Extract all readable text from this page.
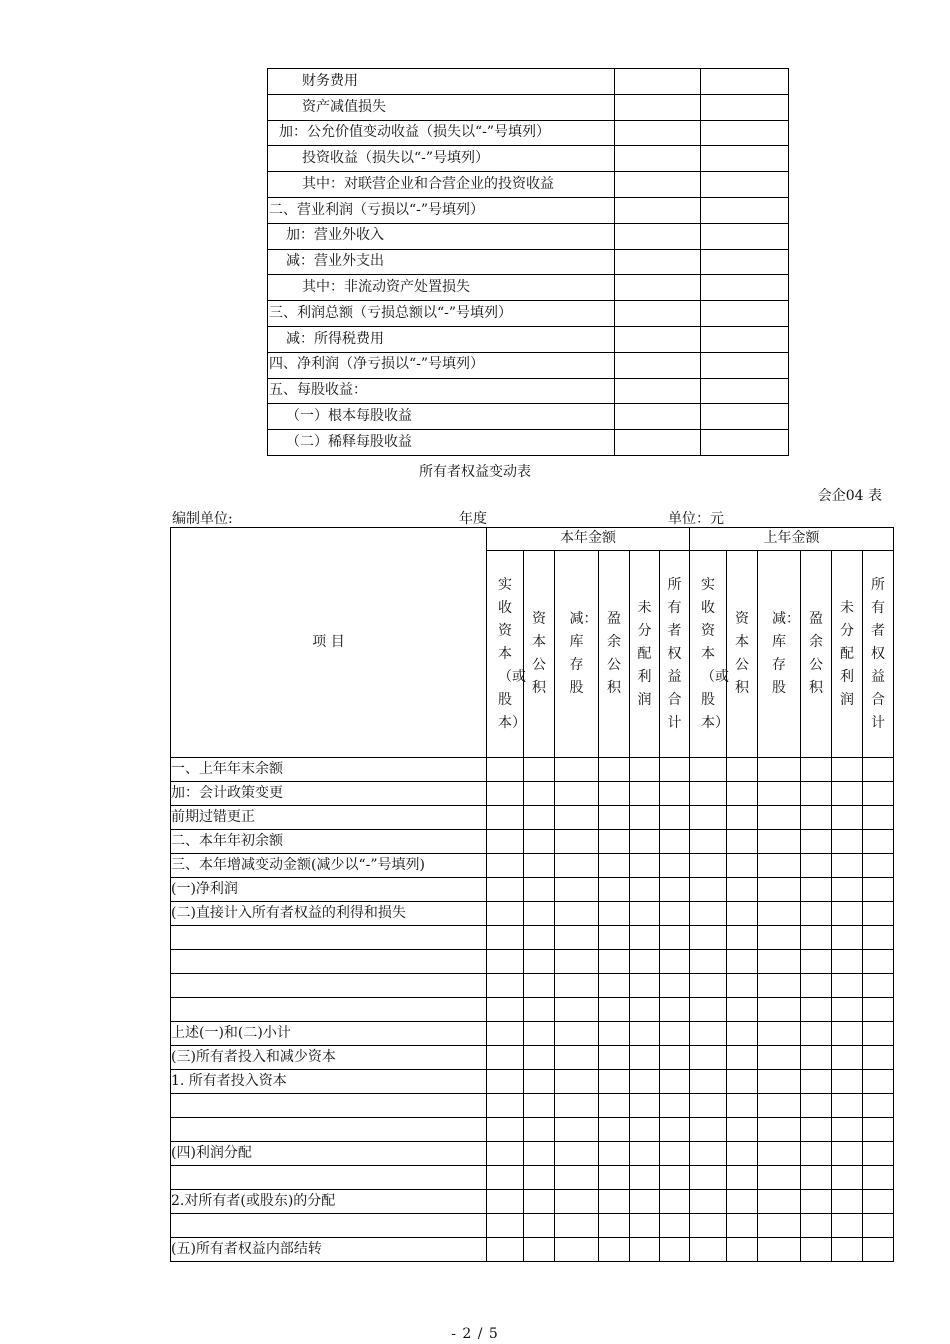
财务费用		
资产减值损失		
加：公允价值变动收益（损失以“-”号填列）		
投资收益（损失以“-”号填列）		
其中：对联营企业和合营企业的投资收益		
二、营业利润（亏损以“-”号填列）		
加：营业外收入		
减：营业外支出		
其中：非流动资产处置损失		
三、利润总额（亏损总额以“-”号填列）		
减：所得税费用		
四、净利润（净亏损以“-”号填列）		
五、每股收益：		
（一）根本每股收益		
（二）稀释每股收益		
所有者权益变动表
会企04 表
编制单位:	年度	单位：元
项 目	本年金额						上年金额					
	实收资本（或股本）	资本公积	减：库存股	盈余公积	未分配利润	所有者权益合计	实收资本（或股本）	资本公积	减：库存股	盈余公积	未分配利润	所有者权益合计
一、上年年末余额												
加：会计政策变更												
前期过错更正												
二、本年年初余额												
三、本年增减变动金额(减少以“-”号填列)												
(一)净利润												
(二)直接计入所有者权益的利得和损失												

上述(一)和(二)小计												
(三)所有者投入和减少资本												
1. 所有者投入资本												

(四)利润分配												

2.对所有者(或股东)的分配												

(五)所有者权益内部结转												
- 2 / 5
